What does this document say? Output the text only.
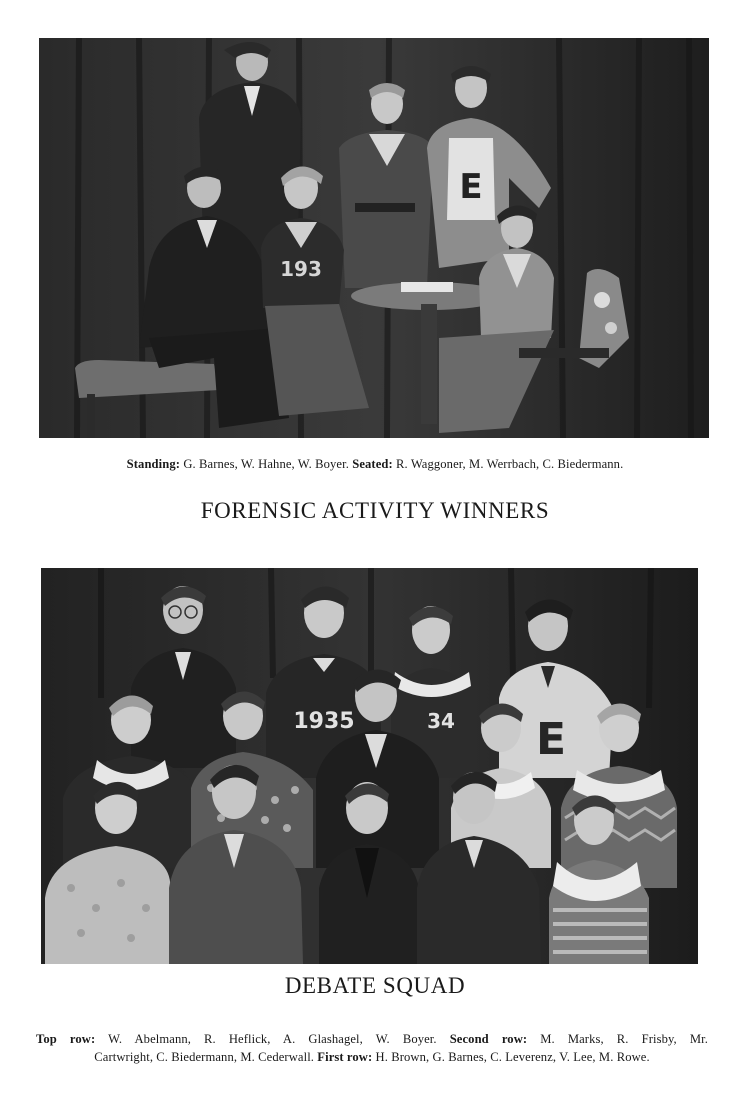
E
193
Standing: G. Barnes, W. Hahne, W. Boyer. Seated: R. Waggoner, M. Werrbach, C. Biedermann.
FORENSIC ACTIVITY WINNERS
1935	34 E
DEBATE SQUAD
Top row: W. Abelmann, R. Heflick, A. Glashagel, W. Boyer. Second row: M. Marks, R. Frisby, Mr.
Cartwright, C. Biedermann, M. Cederwall. First row: H. Brown, G. Barnes, C. Leverenz, V. Lee, M. Rowe.
